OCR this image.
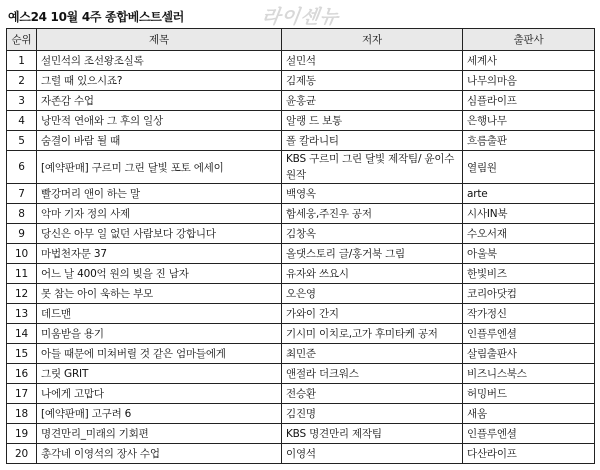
예스24 10월 4주 종합베스트셀러	라이센뉴
순위	제목	저자	출판사
1	설민석의 조선왕조실록	설민석	세계사
2	그럴 때 있으시죠?	김제동	나무의마음
3	자존감 수업	윤홍균	심플라이프
4	낭만적 연애와 그 후의 일상	알랭 드 보통	은행나무
5	숨결이 바람 될 때	폴 칼라니티	흐름출판
6	[예약판매] 구르미 그린 달빛 포토 에세이	KBS 구르미 그린 달빛 제작팀/ 윤이수 원작	열림원
7	빨강머리 앤이 하는 말	백영옥	arte
8	악마 기자 정의 사제	함세웅,주진우 공저	시사IN북
9	당신은 아무 일 없던 사람보다 강합니다	김창옥	수오서재
10	마법천자문 37	올댓스토리 글/홍거북 그림	아울북
11	어느 날 400억 원의 빚을 진 남자	유자와 쓰요시	한빛비즈
12	못 참는 아이 욱하는 부모	오은영	코리아닷컴
13	데드맨	가와이 간지	작가정신
14	미움받을 용기	기시미 이치로,고가 후미타케 공저	인플루엔셜
15	아들 때문에 미쳐버릴 것 같은 엄마들에게	최민준	살림출판사
16	그릿 GRIT	앤절라 더크워스	비즈니스북스
17	나에게 고맙다	전승환	허밍버드
18	[예약판매] 고구려 6	김진명	새움
19	명견만리_미래의 기회편	KBS 명견만리 제작팀	인플루엔셜
20	총각네 이영석의 장사 수업	이영석	다산라이프
